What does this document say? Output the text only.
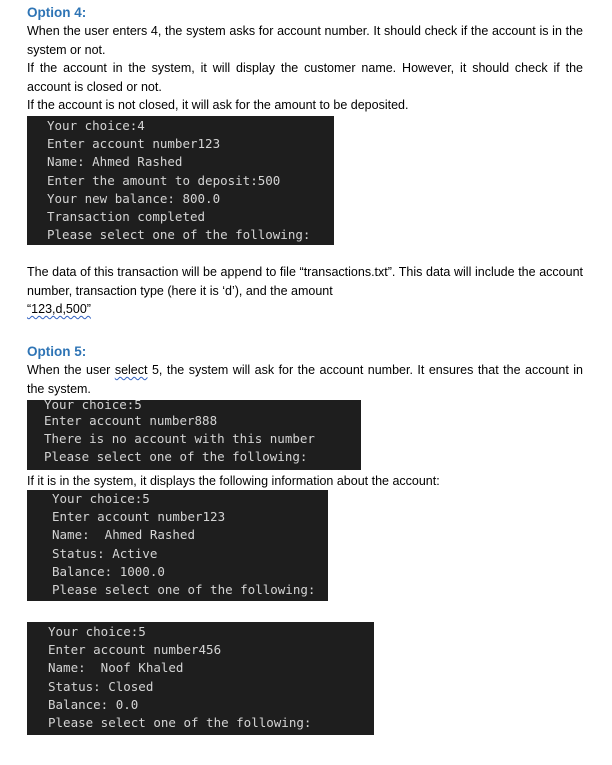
Option 4:

When the user enters 4, the system asks for account number. It should check if the account is in the system or not.

If the account in the system, it will display the customer name. However, it should check if the account is closed or not.

If the account is not closed, it will ask for the amount to be deposited.

Your choice:4
Enter account number123
Name: Ahmed Rashed
Enter the amount to deposit:500
Your new balance: 800.0
Transaction completed
Please select one of the following:

The data of this transaction will be append to file “transactions.txt”. This data will include the account number, transaction type (here it is ‘d’), and the amount

“123,d,500”

Option 5:

When the user select 5, the system will ask for the account number. It ensures that the account in the system.

Your choice:5
Enter account number888
There is no account with this number
Please select one of the following:
If it is in the system, it displays the following information about the account:
Your choice:5
Enter account number123
Name:  Ahmed Rashed
Status: Active
Balance: 1000.0
Please select one of the following:
Your choice:5
Enter account number456
Name:  Noof Khaled
Status: Closed
Balance: 0.0
Please select one of the following:
